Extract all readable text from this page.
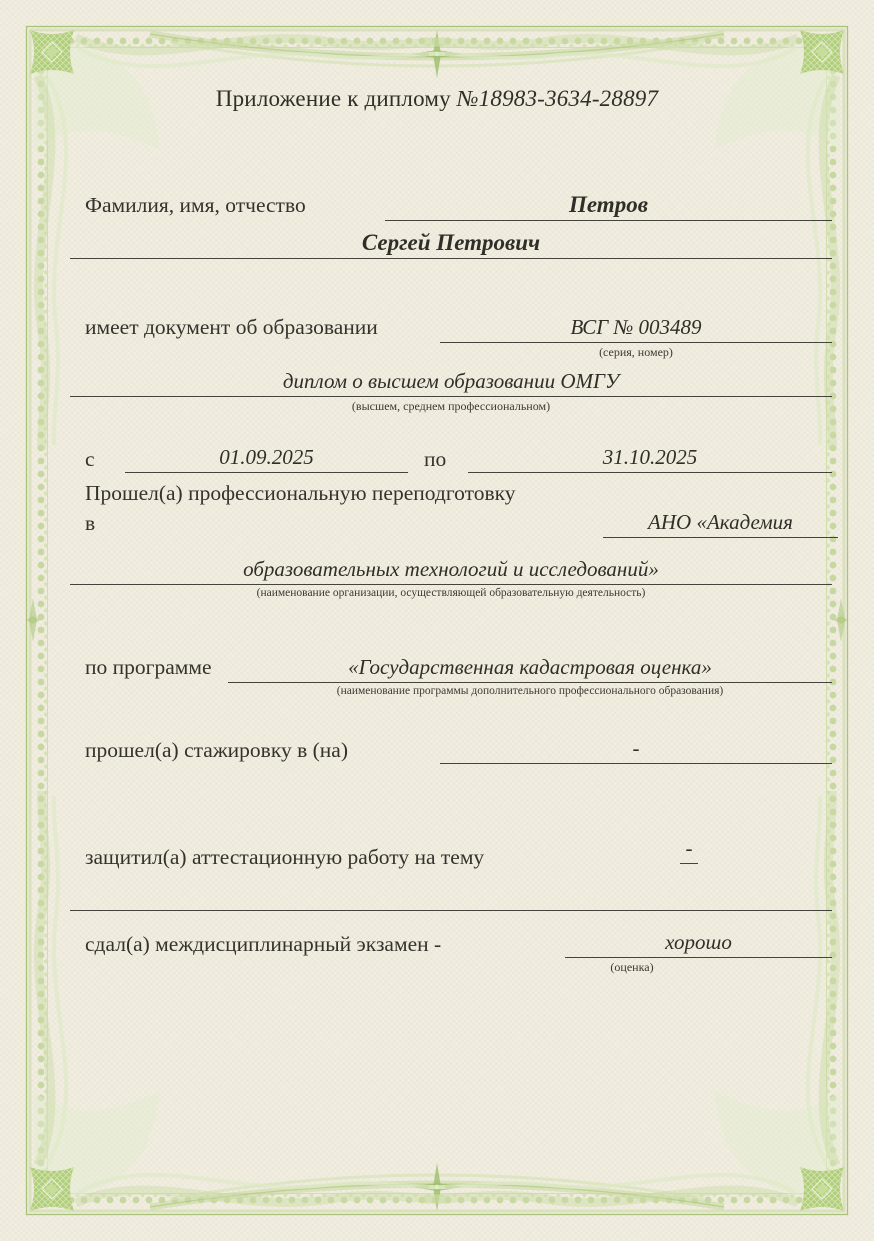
Приложение к диплому №18983-3634-28897
Фамилия, имя, отчество	Петров
Сергей Петрович
имеет документ об образовании	ВСГ № 003489
(серия, номер)
диплом о высшем образовании ОМГУ
(высшем, среднем профессиональном)
с	01.09.2025	по	31.10.2025
Прошел(а) профессиональную переподготовку
в	АНО «Академия
образовательных технологий и исследований»
(наименование организации, осуществляющей образовательную деятельность)
по программе	«Государственная кадастровая оценка»
(наименование программы дополнительного профессионального образования)
прошел(а) стажировку в (на)	-
защитил(а) аттестационную работу на тему	-
сдал(а) междисциплинарный экзамен -	хорошо
(оценка)
